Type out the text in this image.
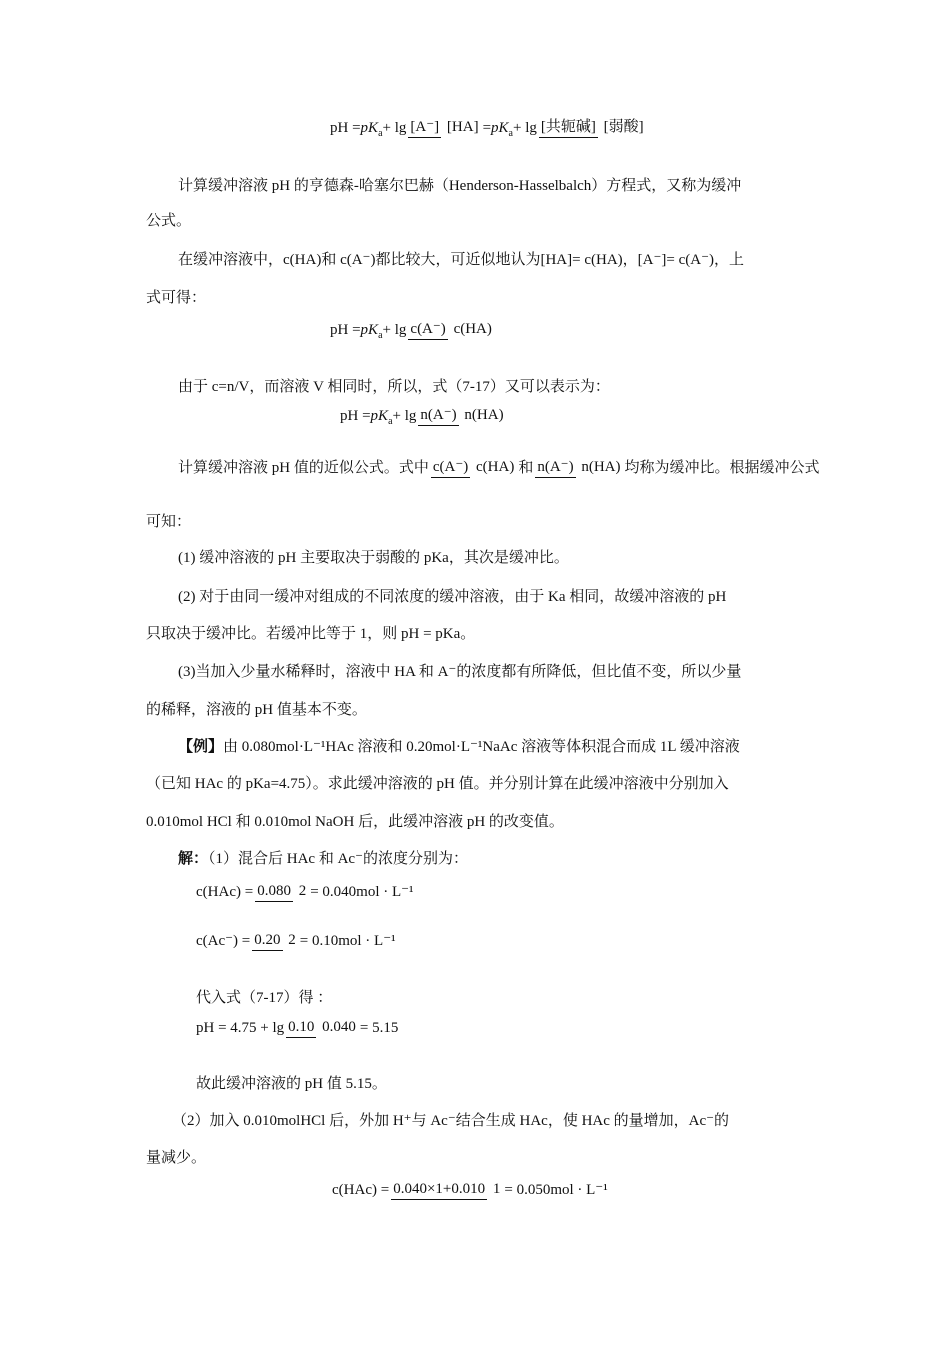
pH = $pK_a + \lg [A^-] [HA] = pK_a + \lg$ [共轭碱] [弱酸]
计算缓冲溶液 pH 的亨德森-哈塞尔巴赫（Henderson-Hasselbalch）方程式，又称为缓冲
公式。
在缓冲溶液中，c(HA)和 c(A⁻)都比较大，可近似地认为[HA]= c(HA)，[A⁻]= c(A⁻)，上
式可得：
pH = $pK_a + \lg c(A^-)$ c(HA)
由于 c=n/V，而溶液 V 相同时，所以，式（7-17）又可以表示为：
pH = $pK_a + \lg n(A^-)$ n(HA)
计算缓冲溶液 pH 值的近似公式。式中 c(A⁻) c(HA) 和 n(A⁻) n(HA) 均称为缓冲比。根据缓冲公式
可知：
(1) 缓冲溶液的 pH 主要取决于弱酸的 pKa，其次是缓冲比。
(2) 对于由同一缓冲对组成的不同浓度的缓冲溶液，由于 Ka 相同，故缓冲溶液的 pH
只取决于缓冲比。若缓冲比等于 1，则 pH = pKa。
(3)当加入少量水稀释时，溶液中 HA 和 A⁻的浓度都有所降低，但比值不变，所以少量
的稀释，溶液的 pH 值基本不变。
【例】由 0.080mol·L⁻¹HAc 溶液和 0.20mol·L⁻¹NaAc 溶液等体积混合而成 1L 缓冲溶液
（已知 HAc 的 pKa=4.75）。求此缓冲溶液的 pH 值。并分别计算在此缓冲溶液中分别加入
0.010mol HCl 和 0.010mol NaOH 后，此缓冲溶液 pH 的改变值。
解：（1）混合后 HAc 和 Ac⁻的浓度分别为：
c(HAc) = 0.080 2 = 0.040mol · L⁻¹
c(Ac⁻) = 0.20 2 = 0.10mol · L⁻¹
代入式（7-17）得 ：
pH = 4.75 + lg 0.10 0.040 = 5.15
故此缓冲溶液的 pH 值 5.15。
（2）加入 0.010molHCl 后，外加 H⁺与 Ac⁻结合生成 HAc，使 HAc 的量增加，Ac⁻的
量减少。
c(HAc) = 0.040×1+0.010 1 = 0.050mol · L⁻¹
